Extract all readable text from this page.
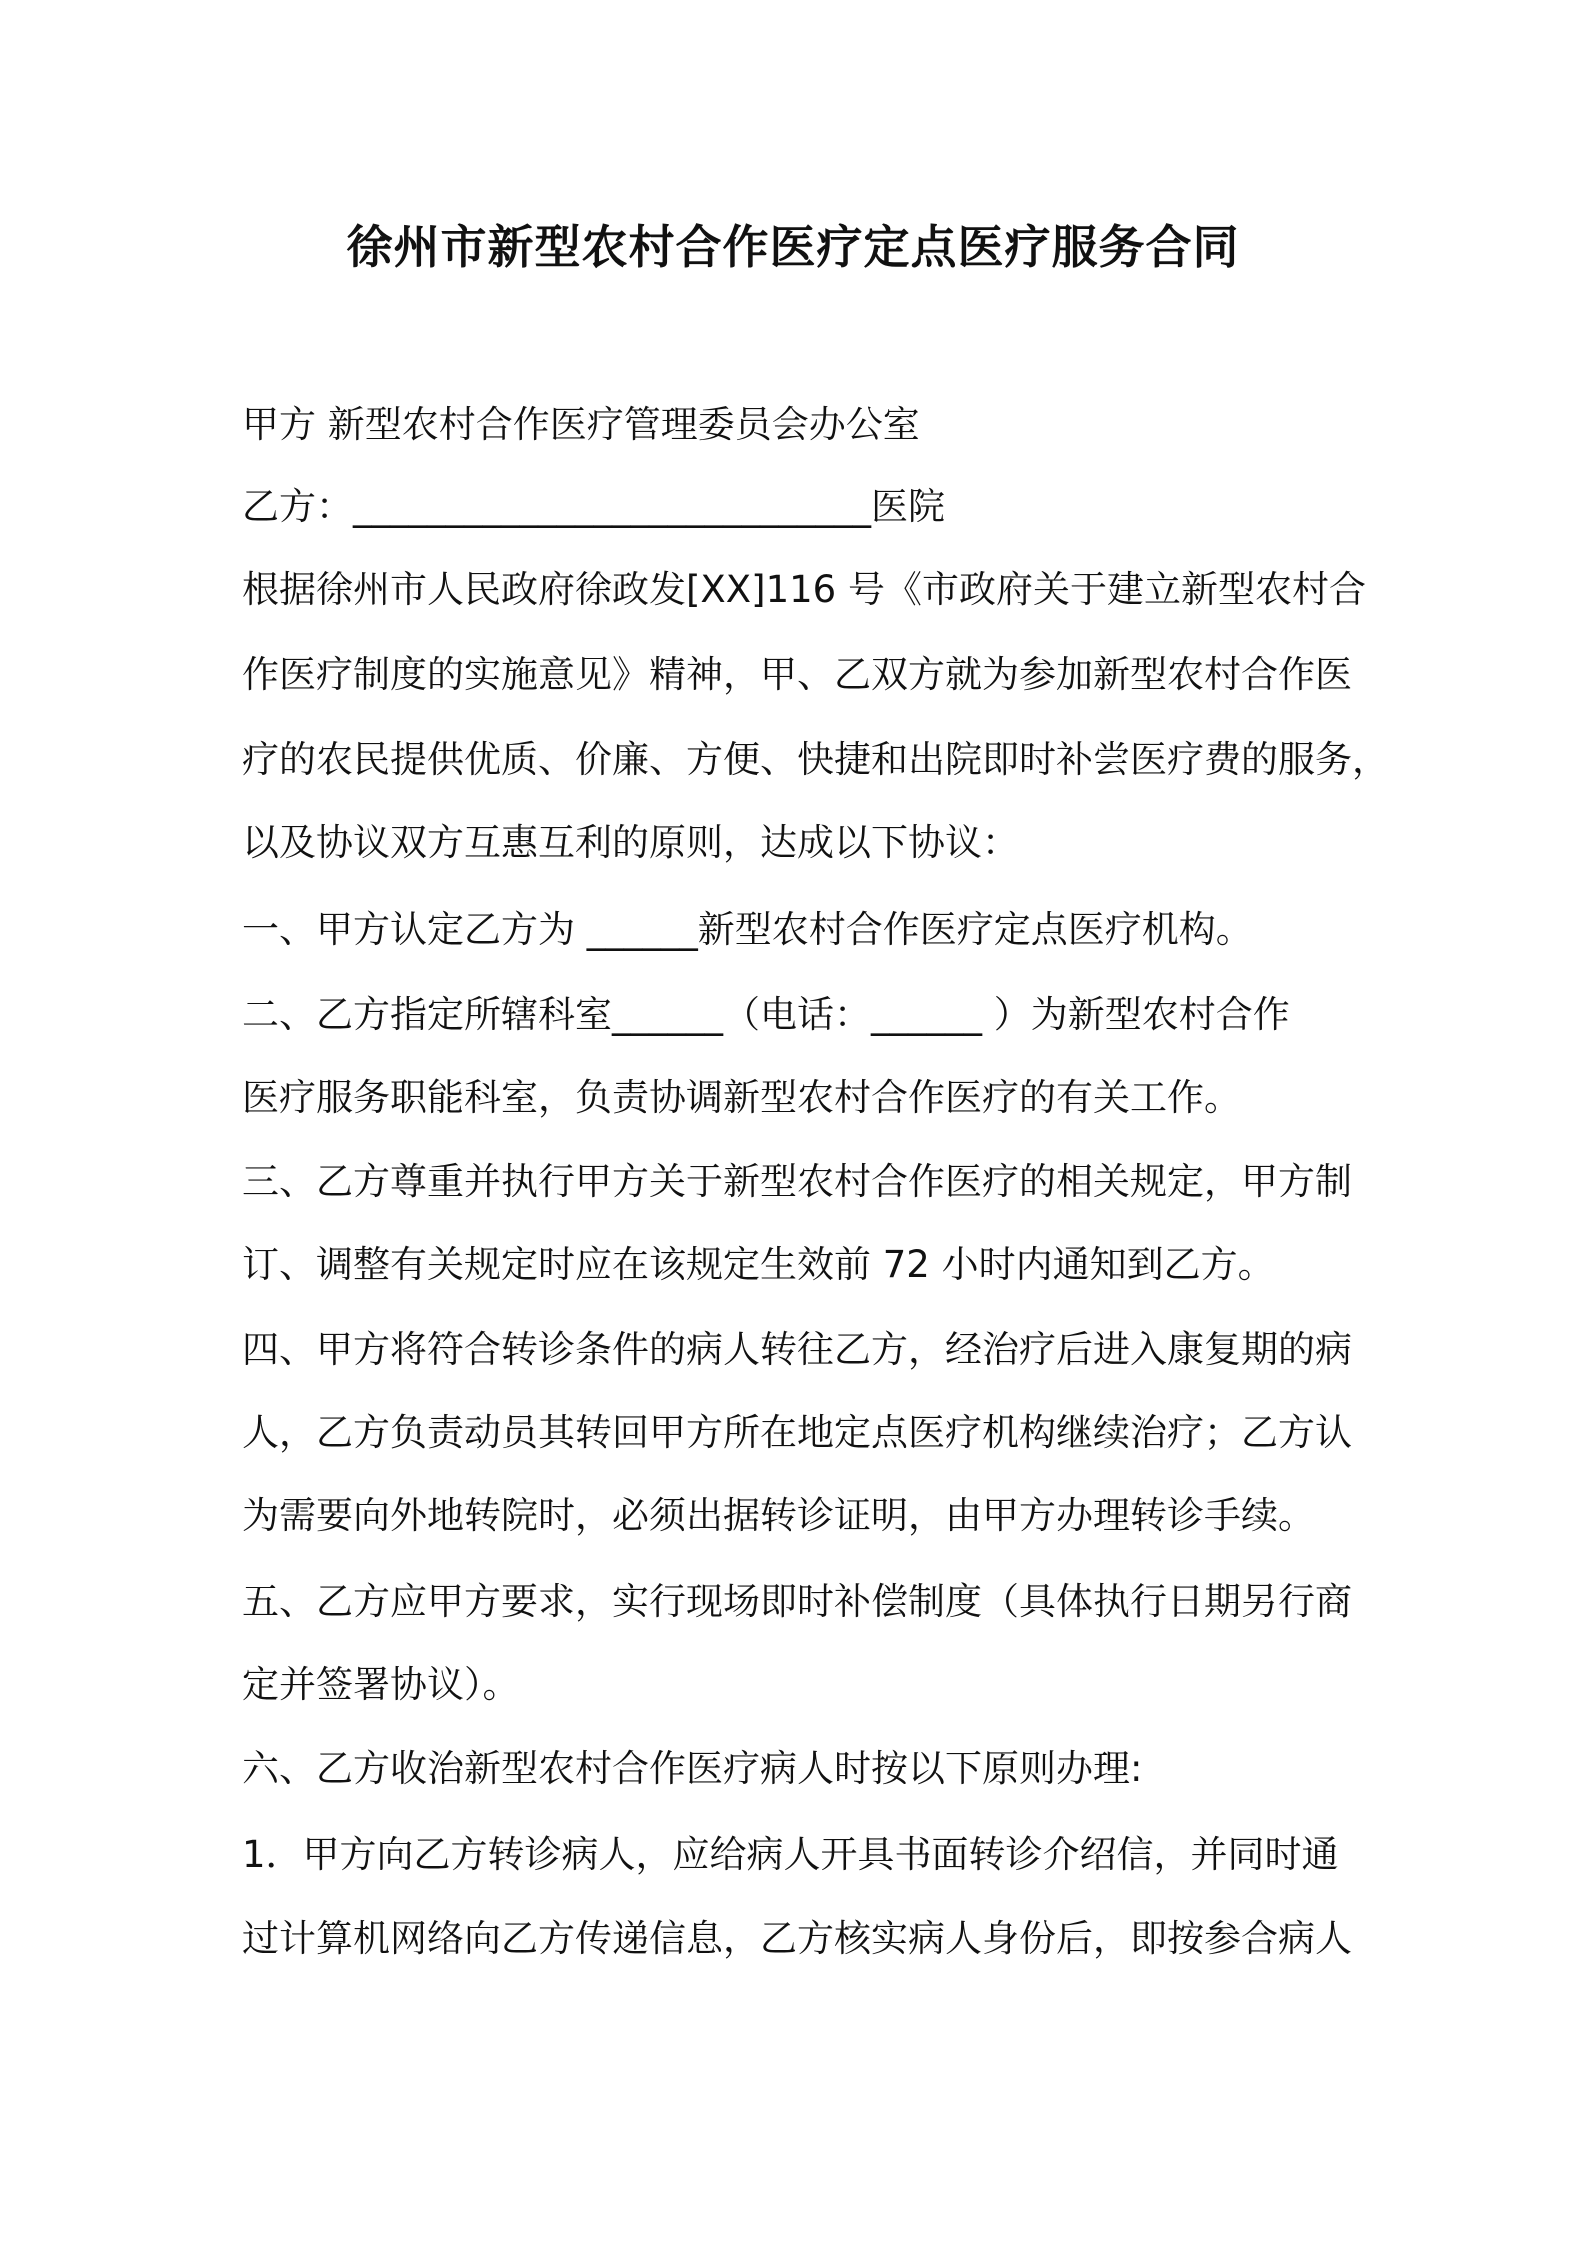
徐州市新型农村合作医疗定点医疗服务合同
甲方 新型农村合作医疗管理委员会办公室
乙方：____________________________医院
根据徐州市人民政府徐政发[XX]116 号《市政府关于建立新型农村合
作医疗制度的实施意见》精神，甲、乙双方就为参加新型农村合作医
疗的农民提供优质、价廉、方便、快捷和出院即时补尝医疗费的服务，
以及协议双方互惠互利的原则，达成以下协议：
一、甲方认定乙方为 ______新型农村合作医疗定点医疗机构。
二、乙方指定所辖科室______（电话：______ ）为新型农村合作
医疗服务职能科室，负责协调新型农村合作医疗的有关工作。
三、乙方尊重并执行甲方关于新型农村合作医疗的相关规定，甲方制
订、调整有关规定时应在该规定生效前 72 小时内通知到乙方。
四、甲方将符合转诊条件的病人转往乙方，经治疗后进入康复期的病
人，乙方负责动员其转回甲方所在地定点医疗机构继续治疗；乙方认
为需要向外地转院时，必须出据转诊证明，由甲方办理转诊手续。
五、乙方应甲方要求，实行现场即时补偿制度（具体执行日期另行商
定并签署协议）。
六、乙方收治新型农村合作医疗病人时按以下原则办理:
1．甲方向乙方转诊病人，应给病人开具书面转诊介绍信，并同时通
过计算机网络向乙方传递信息，乙方核实病人身份后，即按参合病人
